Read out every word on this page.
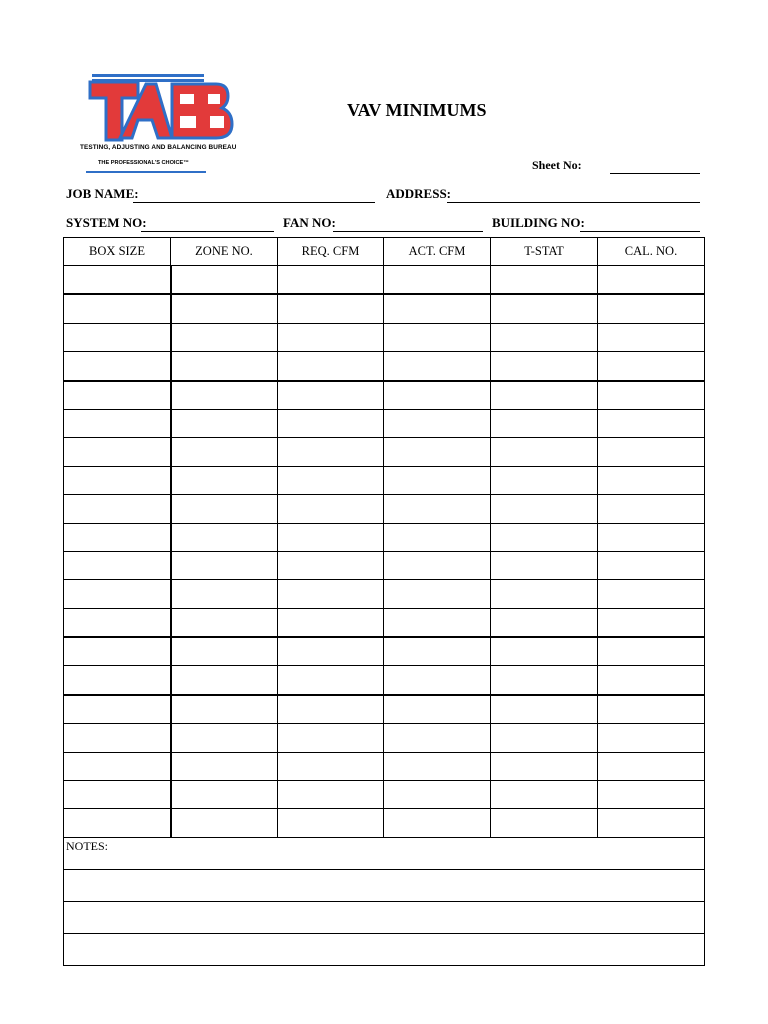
TESTING, ADJUSTING AND BALANCING BUREAU
THE PROFESSIONAL'S CHOICE™
VAV MINIMUMS
Sheet No:
JOB NAME:	ADDRESS:
SYSTEM NO:	FAN NO:	BUILDING NO:
BOX SIZE	ZONE NO.	REQ. CFM	ACT. CFM	T-STAT	CAL. NO.

NOTES:					
